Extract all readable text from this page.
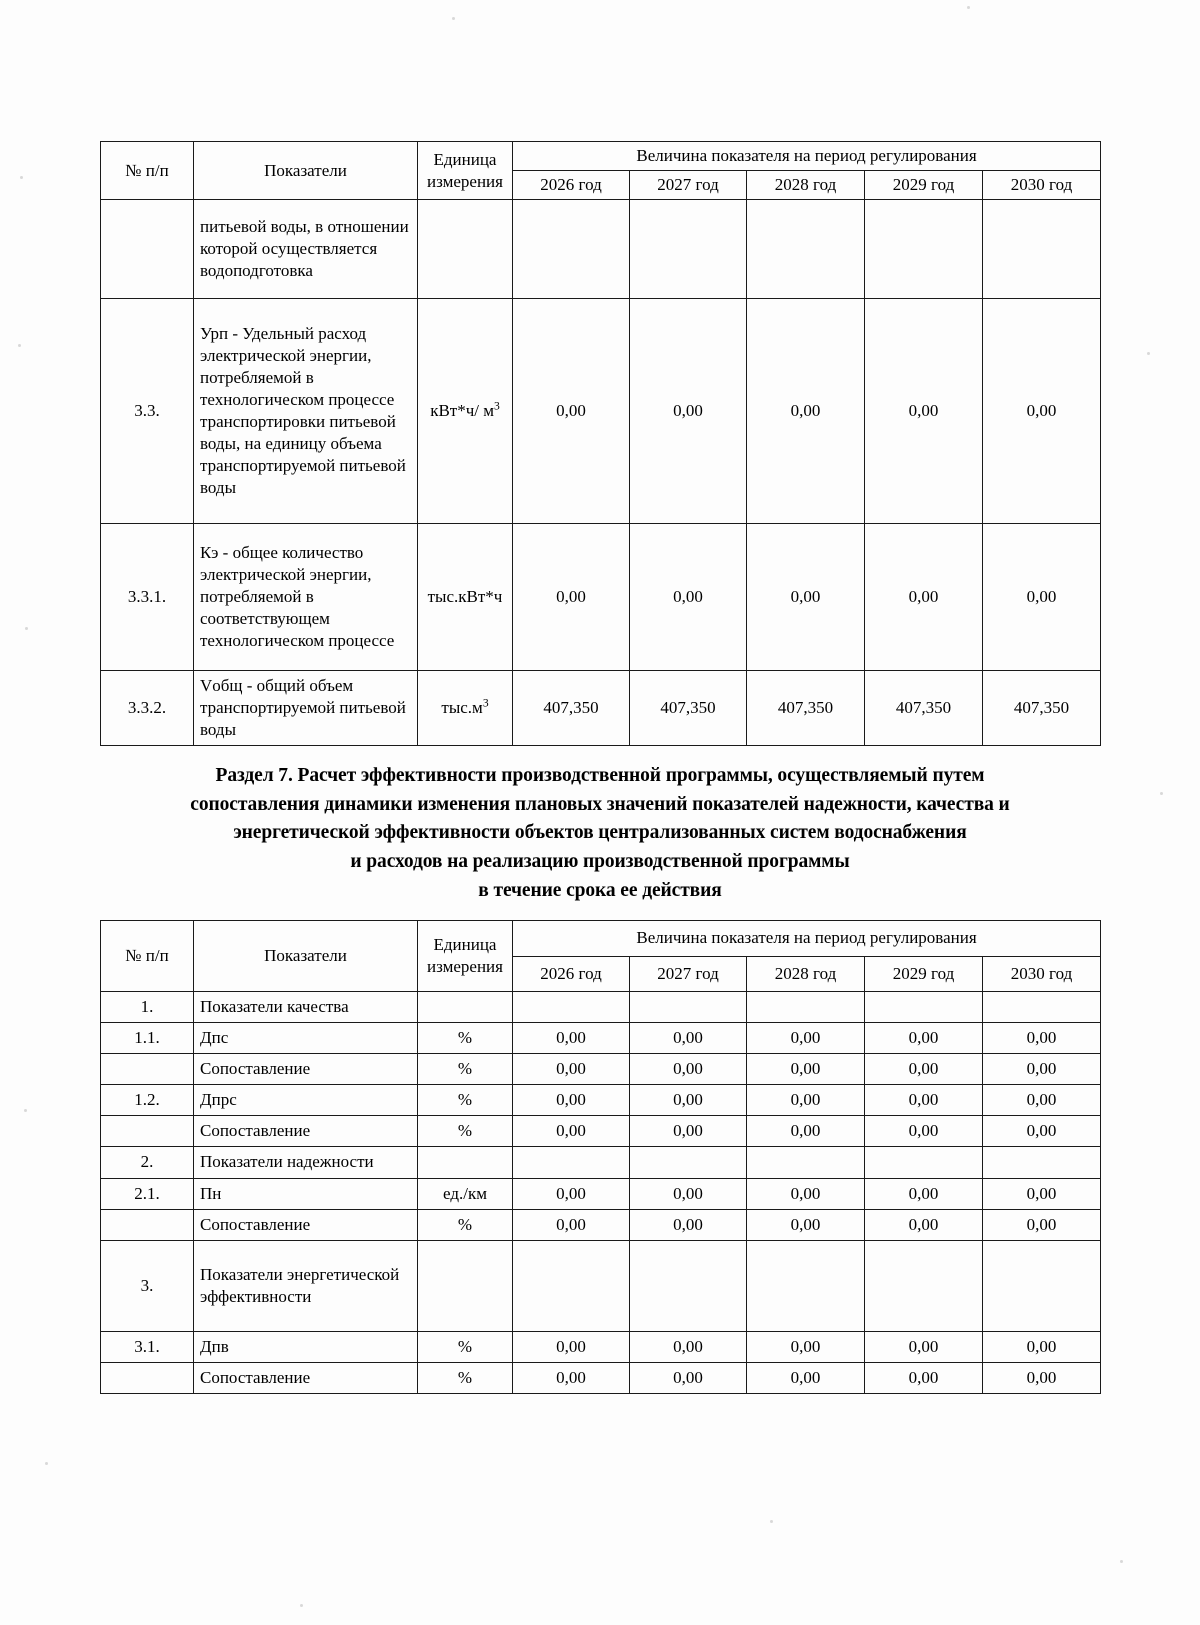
№ п/п	Показатели	Единица
измерения	Величина показателя на период регулирования				
			2026 год	2027 год	2028 год	2029 год	2030 год
	питьевой воды, в отношении которой осуществляется водоподготовка						
3.3.	Урп - Удельный расход электрической энергии, потребляемой в технологическом процессе транспортировки питьевой воды, на единицу объема транспортируемой питьевой воды	кВт*ч/ $м^3$	0,00	0,00	0,00	0,00	0,00
3.3.1.	Кэ - общее количество электрической энергии, потребляемой в соответствующем технологическом процессе	тыс.кВт*ч	0,00	0,00	0,00	0,00	0,00
3.3.2.	Vобщ - общий объем транспортируемой питьевой воды	$тыс.м^3$	407,350	407,350	407,350	407,350	407,350
Раздел 7. Расчет эффективности производственной программы, осуществляемый путем
сопоставления динамики изменения плановых значений показателей надежности, качества и
энергетической эффективности объектов централизованных систем водоснабжения
и расходов на реализацию производственной программы
в течение срока ее действия
№ п/п	Показатели	Единица
измерения	Величина показателя на период регулирования				
			2026 год	2027 год	2028 год	2029 год	2030 год
1.	Показатели качества						
1.1.	Дпс	%	0,00	0,00	0,00	0,00	0,00
	Сопоставление	%	0,00	0,00	0,00	0,00	0,00
1.2.	Дпрс	%	0,00	0,00	0,00	0,00	0,00
	Сопоставление	%	0,00	0,00	0,00	0,00	0,00
2.	Показатели надежности						
2.1.	Пн	ед./км	0,00	0,00	0,00	0,00	0,00
	Сопоставление	%	0,00	0,00	0,00	0,00	0,00
3.	Показатели энергетической эффективности						
3.1.	Дпв	%	0,00	0,00	0,00	0,00	0,00
	Сопоставление	%	0,00	0,00	0,00	0,00	0,00
